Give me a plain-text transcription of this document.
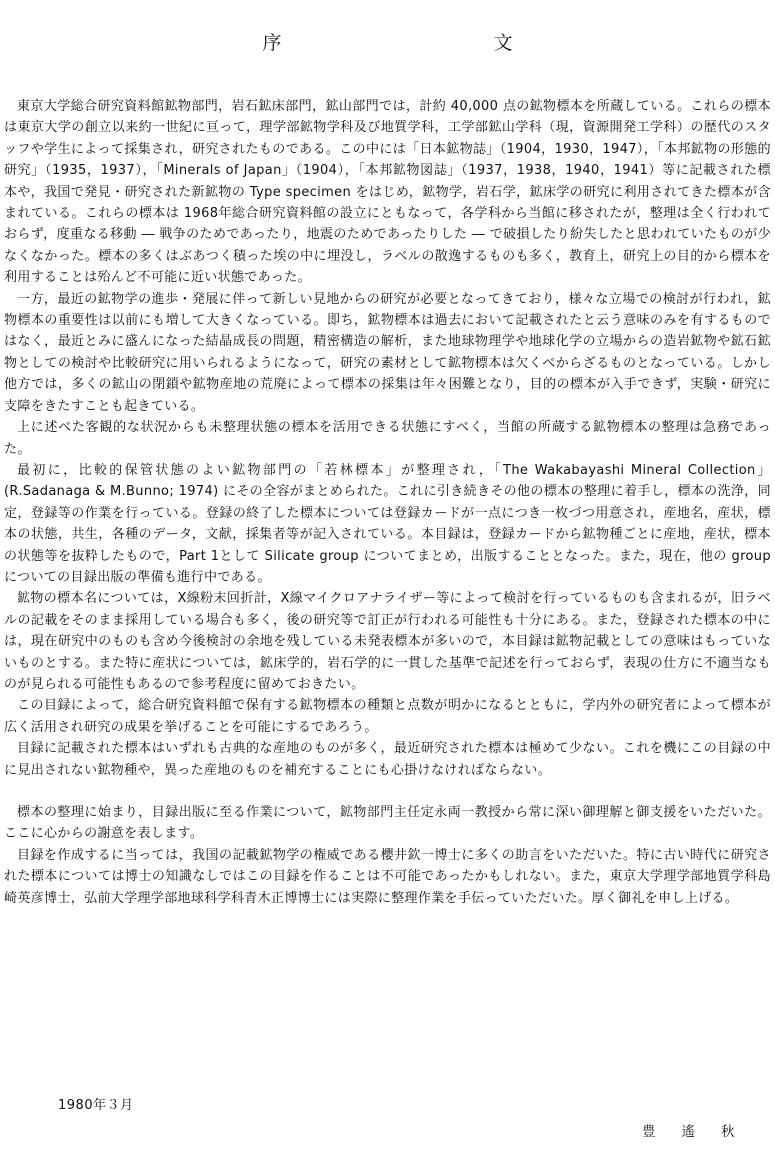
序　　文

東京大学総合研究資料館鉱物部門，岩石鉱床部門，鉱山部門では，計約 40,000 点の鉱物標本を所蔵している。これらの標本は東京大学の創立以来約一世紀に亘って，理学部鉱物学科及び地質学科，工学部鉱山学科（現，資源開発工学科）の歴代のスタッフや学生によって採集され，研究されたものである。この中には「日本鉱物誌」（1904，1930，1947），「本邦鉱物の形態的研究」（1935，1937），「Minerals of Japan」（1904），「本邦鉱物図誌」（1937，1938，1940，1941）等に記載された標本や，我国で発見・研究された新鉱物の Type specimen をはじめ，鉱物学，岩石学，鉱床学の研究に利用されてきた標本が含まれている。これらの標本は 1968年総合研究資料館の設立にともなって，各学科から当館に移されたが，整理は全く行われておらず，度重なる移動 ― 戦争のためであったり，地震のためであったりした ― で破損したり紛失したと思われていたものが少なくなかった。標本の多くはぶあつく積った埃の中に埋没し，ラベルの散逸するものも多く，教育上，研究上の目的から標本を利用することは殆んど不可能に近い状態であった。

一方，最近の鉱物学の進歩・発展に伴って新しい見地からの研究が必要となってきており，様々な立場での検討が行われ，鉱物標本の重要性は以前にも増して大きくなっている。即ち，鉱物標本は過去において記載されたと云う意味のみを有するものではなく，最近とみに盛んになった結晶成長の問題，精密構造の解析，また地球物理学や地球化学の立場からの造岩鉱物や鉱石鉱物としての検討や比較研究に用いられるようになって，研究の素材として鉱物標本は欠くべからざるものとなっている。しかし他方では，多くの鉱山の閉鎖や鉱物産地の荒廃によって標本の採集は年々困難となり，目的の標本が入手できず，実験・研究に支障をきたすことも起きている。

上に述べた客観的な状況からも未整理状態の標本を活用できる状態にすべく，当館の所蔵する鉱物標本の整理は急務であった。

最初に，比較的保管状態のよい鉱物部門の「若林標本」が整理され，「The Wakabayashi Mineral Collection」(R.Sadanaga & M.Bunno; 1974) にその全容がまとめられた。これに引き続きその他の標本の整理に着手し，標本の洗浄，同定，登録等の作業を行っている。登録の終了した標本については登録カードが一点につき一枚づつ用意され，産地名，産状，標本の状態，共生，各種のデータ，文献，採集者等が記入されている。本目録は，登録カードから鉱物種ごとに産地，産状，標本の状態等を抜粋したもので，Part 1として Silicate group についてまとめ，出版することとなった。また，現在，他の group についての目録出版の準備も進行中である。

鉱物の標本名については，X線粉末回折計，X線マイクロアナライザー等によって検討を行っているものも含まれるが，旧ラベルの記載をそのまま採用している場合も多く，後の研究等で訂正が行われる可能性も十分にある。また，登録された標本の中には，現在研究中のものも含め今後検討の余地を残している未発表標本が多いので，本目録は鉱物記載としての意味はもっていないものとする。また特に産状については，鉱床学的，岩石学的に一貫した基準で記述を行っておらず，表現の仕方に不適当なものが見られる可能性もあるので参考程度に留めておきたい。

この目録によって，総合研究資料館で保有する鉱物標本の種類と点数が明かになるとともに，学内外の研究者によって標本が広く活用され研究の成果を挙げることを可能にするであろう。

目録に記載された標本はいずれも古典的な産地のものが多く，最近研究された標本は極めて少ない。これを機にこの目録の中に見出されない鉱物種や，異った産地のものを補充することにも心掛けなければならない。

標本の整理に始まり，目録出版に至る作業について，鉱物部門主任定永両一教授から常に深い御理解と御支援をいただいた。ここに心からの謝意を表します。

目録を作成するに当っては，我国の記載鉱物学の権威である櫻井欽一博士に多くの助言をいただいた。特に古い時代に研究された標本については博士の知識なしではこの目録を作ることは不可能であったかもしれない。また，東京大学理学部地質学科島崎英彦博士，弘前大学理学部地球科学科青木正博博士には実際に整理作業を手伝っていただいた。厚く御礼を申し上げる。

1980年３月
豊遙秋
